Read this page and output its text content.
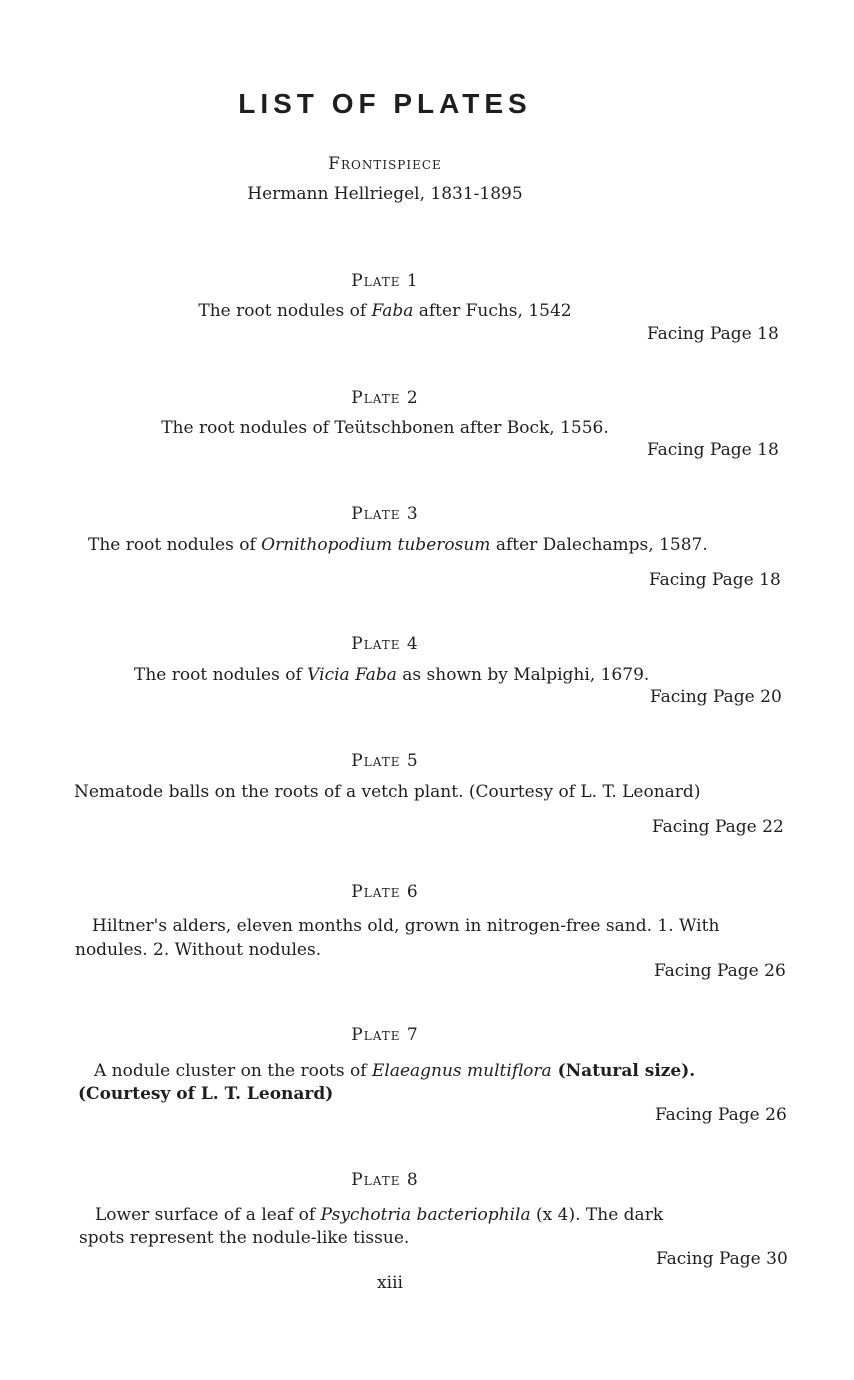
LIST OF PLATES
Frontispiece
Hermann Hellriegel, 1831-1895
Plate 1
The root nodules of Faba after Fuchs, 1542
Facing Page 18
Plate 2
The root nodules of Teütschbonen after Bock, 1556.
Facing Page 18
Plate 3
The root nodules of Ornithopodium tuberosum after Dalechamps, 1587.
Facing Page 18
Plate 4
The root nodules of Vicia Faba as shown by Malpighi, 1679.
Facing Page 20
Plate 5
Nematode balls on the roots of a vetch plant. (Courtesy of L. T. Leonard)
Facing Page 22
Plate 6
Hiltner's alders, eleven months old, grown in nitrogen-free sand. 1. With
nodules. 2. Without nodules.
Facing Page 26
Plate 7
A nodule cluster on the roots of Elaeagnus multiflora (Natural size).
(Courtesy of L. T. Leonard)
Facing Page 26
Plate 8
Lower surface of a leaf of Psychotria bacteriophila (x 4). The dark
spots represent the nodule-like tissue.
Facing Page 30
xiii
